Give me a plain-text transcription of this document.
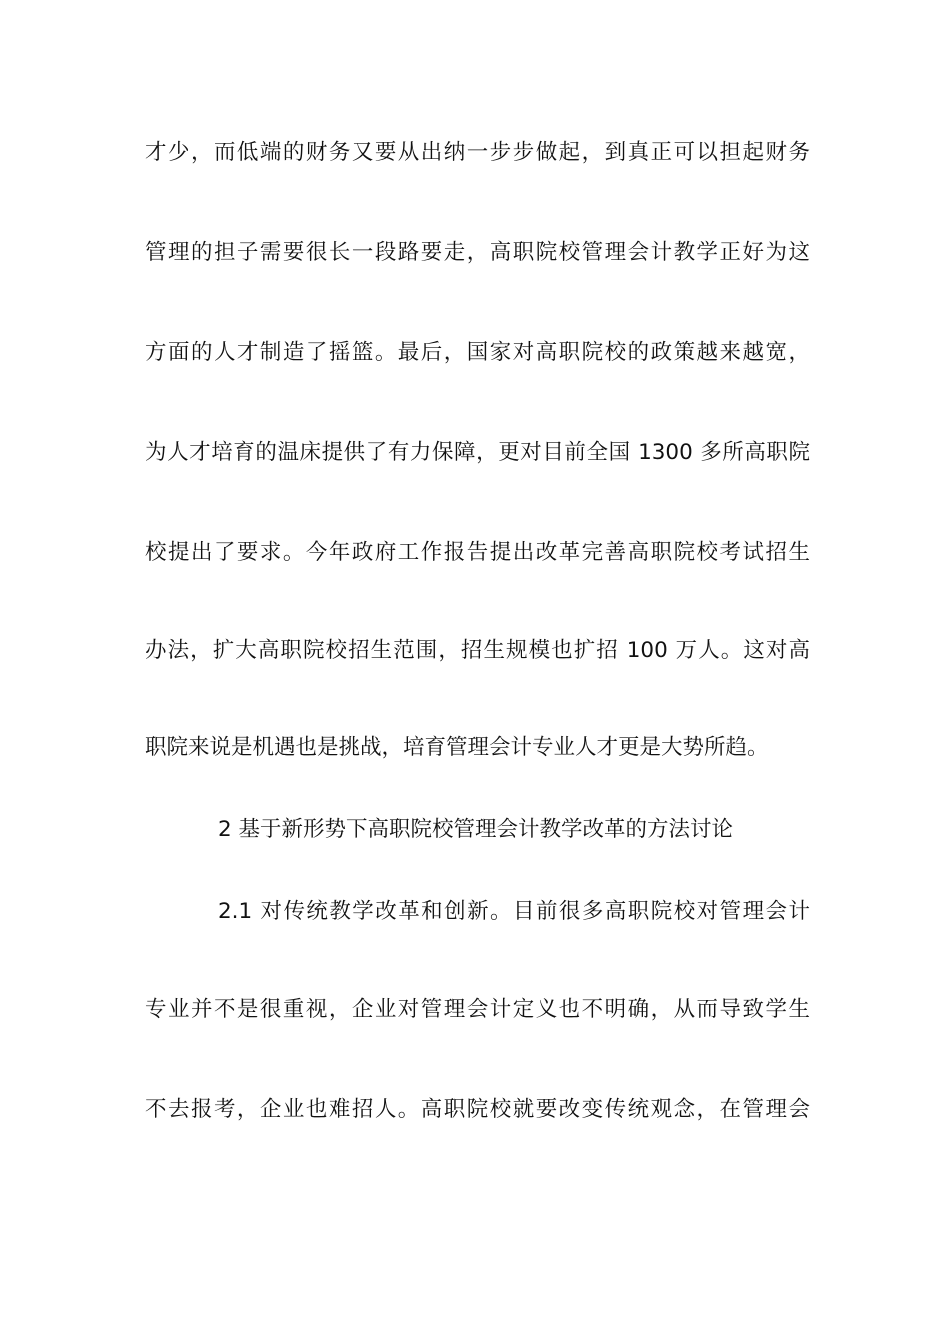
才少，而低端的财务又要从出纳一步步做起，到真正可以担起财务
管理的担子需要很长一段路要走，高职院校管理会计教学正好为这
方面的人才制造了摇篮。最后，国家对高职院校的政策越来越宽，
为人才培育的温床提供了有力保障，更对目前全国 1300 多所高职院
校提出了要求。今年政府工作报告提出改革完善高职院校考试招生
办法，扩大高职院校招生范围，招生规模也扩招 100 万人。这对高
职院来说是机遇也是挑战，培育管理会计专业人才更是大势所趋。
2 基于新形势下高职院校管理会计教学改革的方法讨论
2.1 对传统教学改革和创新。目前很多高职院校对管理会计
专业并不是很重视，企业对管理会计定义也不明确，从而导致学生
不去报考，企业也难招人。高职院校就要改变传统观念，在管理会
